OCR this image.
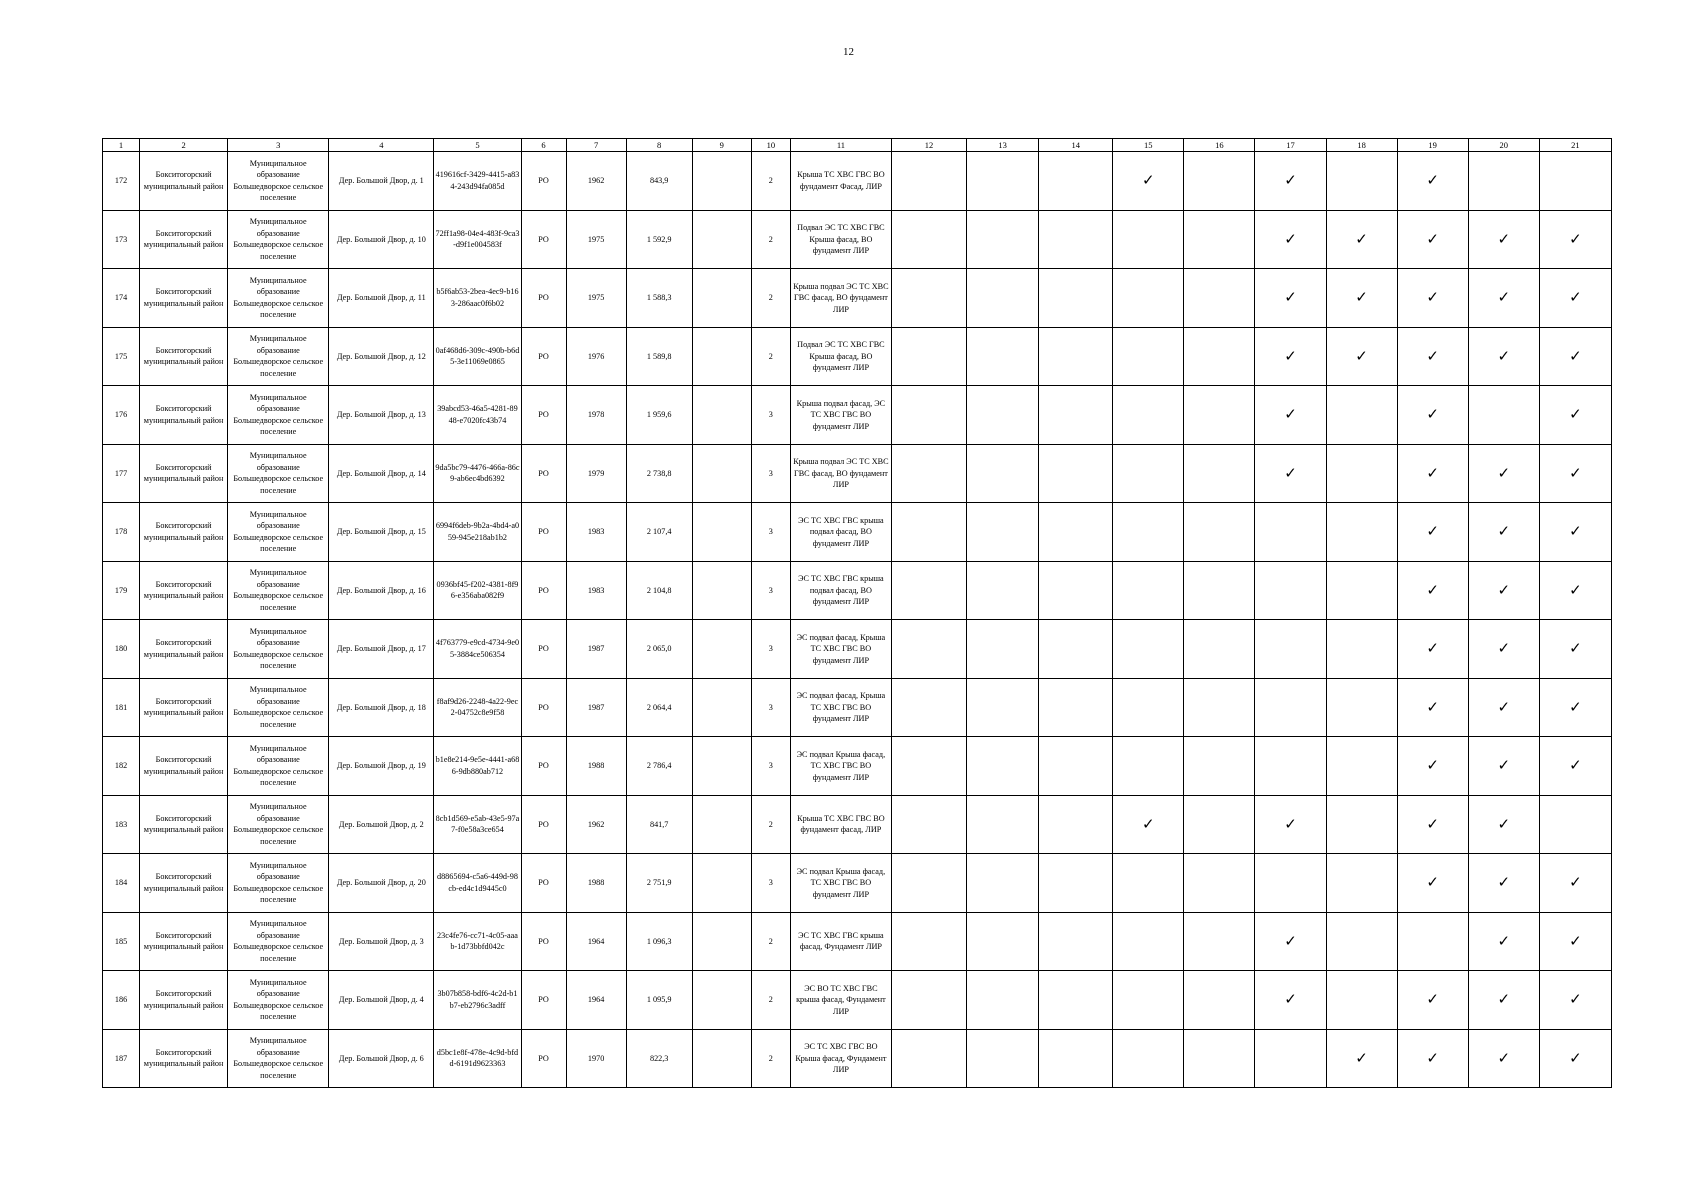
12
1	2	3	4	5	6	7	8	9	10	11	12	13	14	15	16	17	18	19	20	21
172	Бокситогорский муниципальный район	Муниципальное образование Большедворское сельское поселение	Дер. Большой Двор, д. 1	419616cf-3429-4415-a834-243d94fa085d	РО	1962	843,9		2	Крыша ТС ХВС ГВС ВО фундамент Фасад, ЛИР				✓		✓		✓		
173	Бокситогорский муниципальный район	Муниципальное образование Большедворское сельское поселение	Дер. Большой Двор, д. 10	72ff1a98-04e4-483f-9ca3-d9f1e004583f	РО	1975	1 592,9		2	Подвал ЭС ТС ХВС ГВС Крыша фасад, ВО фундамент ЛИР						✓	✓	✓	✓	✓
174	Бокситогорский муниципальный район	Муниципальное образование Большедворское сельское поселение	Дер. Большой Двор, д. 11	b5f6ab53-2bea-4ec9-b163-286aac0f6b02	РО	1975	1 588,3		2	Крыша подвал ЭС ТС ХВС ГВС фасад, ВО фундамент ЛИР						✓	✓	✓	✓	✓
175	Бокситогорский муниципальный район	Муниципальное образование Большедворское сельское поселение	Дер. Большой Двор, д. 12	0af468d6-309c-490b-b6d5-3e11069e0865	РО	1976	1 589,8		2	Подвал ЭС ТС ХВС ГВС Крыша фасад, ВО фундамент ЛИР						✓	✓	✓	✓	✓
176	Бокситогорский муниципальный район	Муниципальное образование Большедворское сельское поселение	Дер. Большой Двор, д. 13	39abcd53-46a5-4281-8948-e7020fc43b74	РО	1978	1 959,6		3	Крыша подвал фасад, ЭС ТС ХВС ГВС ВО фундамент ЛИР						✓		✓		✓
177	Бокситогорский муниципальный район	Муниципальное образование Большедворское сельское поселение	Дер. Большой Двор, д. 14	9da5bc79-4476-466a-86c9-ab6ec4bd6392	РО	1979	2 738,8		3	Крыша подвал ЭС ТС ХВС ГВС фасад, ВО фундамент ЛИР						✓		✓	✓	✓
178	Бокситогорский муниципальный район	Муниципальное образование Большедворское сельское поселение	Дер. Большой Двор, д. 15	6994f6deb-9b2a-4bd4-a059-945e218ab1b2	РО	1983	2 107,4		3	ЭС ТС ХВС ГВС крыша подвал фасад, ВО фундамент ЛИР								✓	✓	✓
179	Бокситогорский муниципальный район	Муниципальное образование Большедворское сельское поселение	Дер. Большой Двор, д. 16	0936bf45-f202-4381-8f96-e356aba082f9	РО	1983	2 104,8		3	ЭС ТС ХВС ГВС крыша подвал фасад, ВО фундамент ЛИР								✓	✓	✓
180	Бокситогорский муниципальный район	Муниципальное образование Большедворское сельское поселение	Дер. Большой Двор, д. 17	4f763779-e9cd-4734-9e05-3884ce506354	РО	1987	2 065,0		3	ЭС подвал фасад, Крыша ТС ХВС ГВС ВО фундамент ЛИР								✓	✓	✓
181	Бокситогорский муниципальный район	Муниципальное образование Большедворское сельское поселение	Дер. Большой Двор, д. 18	f8af9d26-2248-4a22-9ec2-04752c8e9f58	РО	1987	2 064,4		3	ЭС подвал фасад, Крыша ТС ХВС ГВС ВО фундамент ЛИР								✓	✓	✓
182	Бокситогорский муниципальный район	Муниципальное образование Большедворское сельское поселение	Дер. Большой Двор, д. 19	b1e8e214-9e5e-4441-a686-9db880ab712	РО	1988	2 786,4		3	ЭС подвал Крыша фасад, ТС ХВС ГВС ВО фундамент ЛИР								✓	✓	✓
183	Бокситогорский муниципальный район	Муниципальное образование Большедворское сельское поселение	Дер. Большой Двор, д. 2	8cb1d569-e5ab-43e5-97a7-f0e58a3ce654	РО	1962	841,7		2	Крыша ТС ХВС ГВС ВО фундамент фасад, ЛИР				✓		✓		✓	✓	
184	Бокситогорский муниципальный район	Муниципальное образование Большедворское сельское поселение	Дер. Большой Двор, д. 20	d8865694-c5a6-449d-98cb-ed4c1d9445c0	РО	1988	2 751,9		3	ЭС подвал Крыша фасад, ТС ХВС ГВС ВО фундамент ЛИР								✓	✓	✓
185	Бокситогорский муниципальный район	Муниципальное образование Большедворское сельское поселение	Дер. Большой Двор, д. 3	23c4fe76-cc71-4c05-aaab-1d73bbfd042c	РО	1964	1 096,3		2	ЭС ТС ХВС ГВС крыша фасад, Фундамент ЛИР						✓			✓	✓
186	Бокситогорский муниципальный район	Муниципальное образование Большедворское сельское поселение	Дер. Большой Двор, д. 4	3b07b858-bdf6-4c2d-b1b7-eb2796c3adff	РО	1964	1 095,9		2	ЭС ВО ТС ХВС ГВС крыша фасад, Фундамент ЛИР						✓		✓	✓	✓
187	Бокситогорский муниципальный район	Муниципальное образование Большедворское сельское поселение	Дер. Большой Двор, д. 6	d5bc1e8f-478e-4c9d-bfdd-6191d9623363	РО	1970	822,3		2	ЭС ТС ХВС ГВС ВО Крыша фасад, Фундамент ЛИР							✓	✓	✓	✓
